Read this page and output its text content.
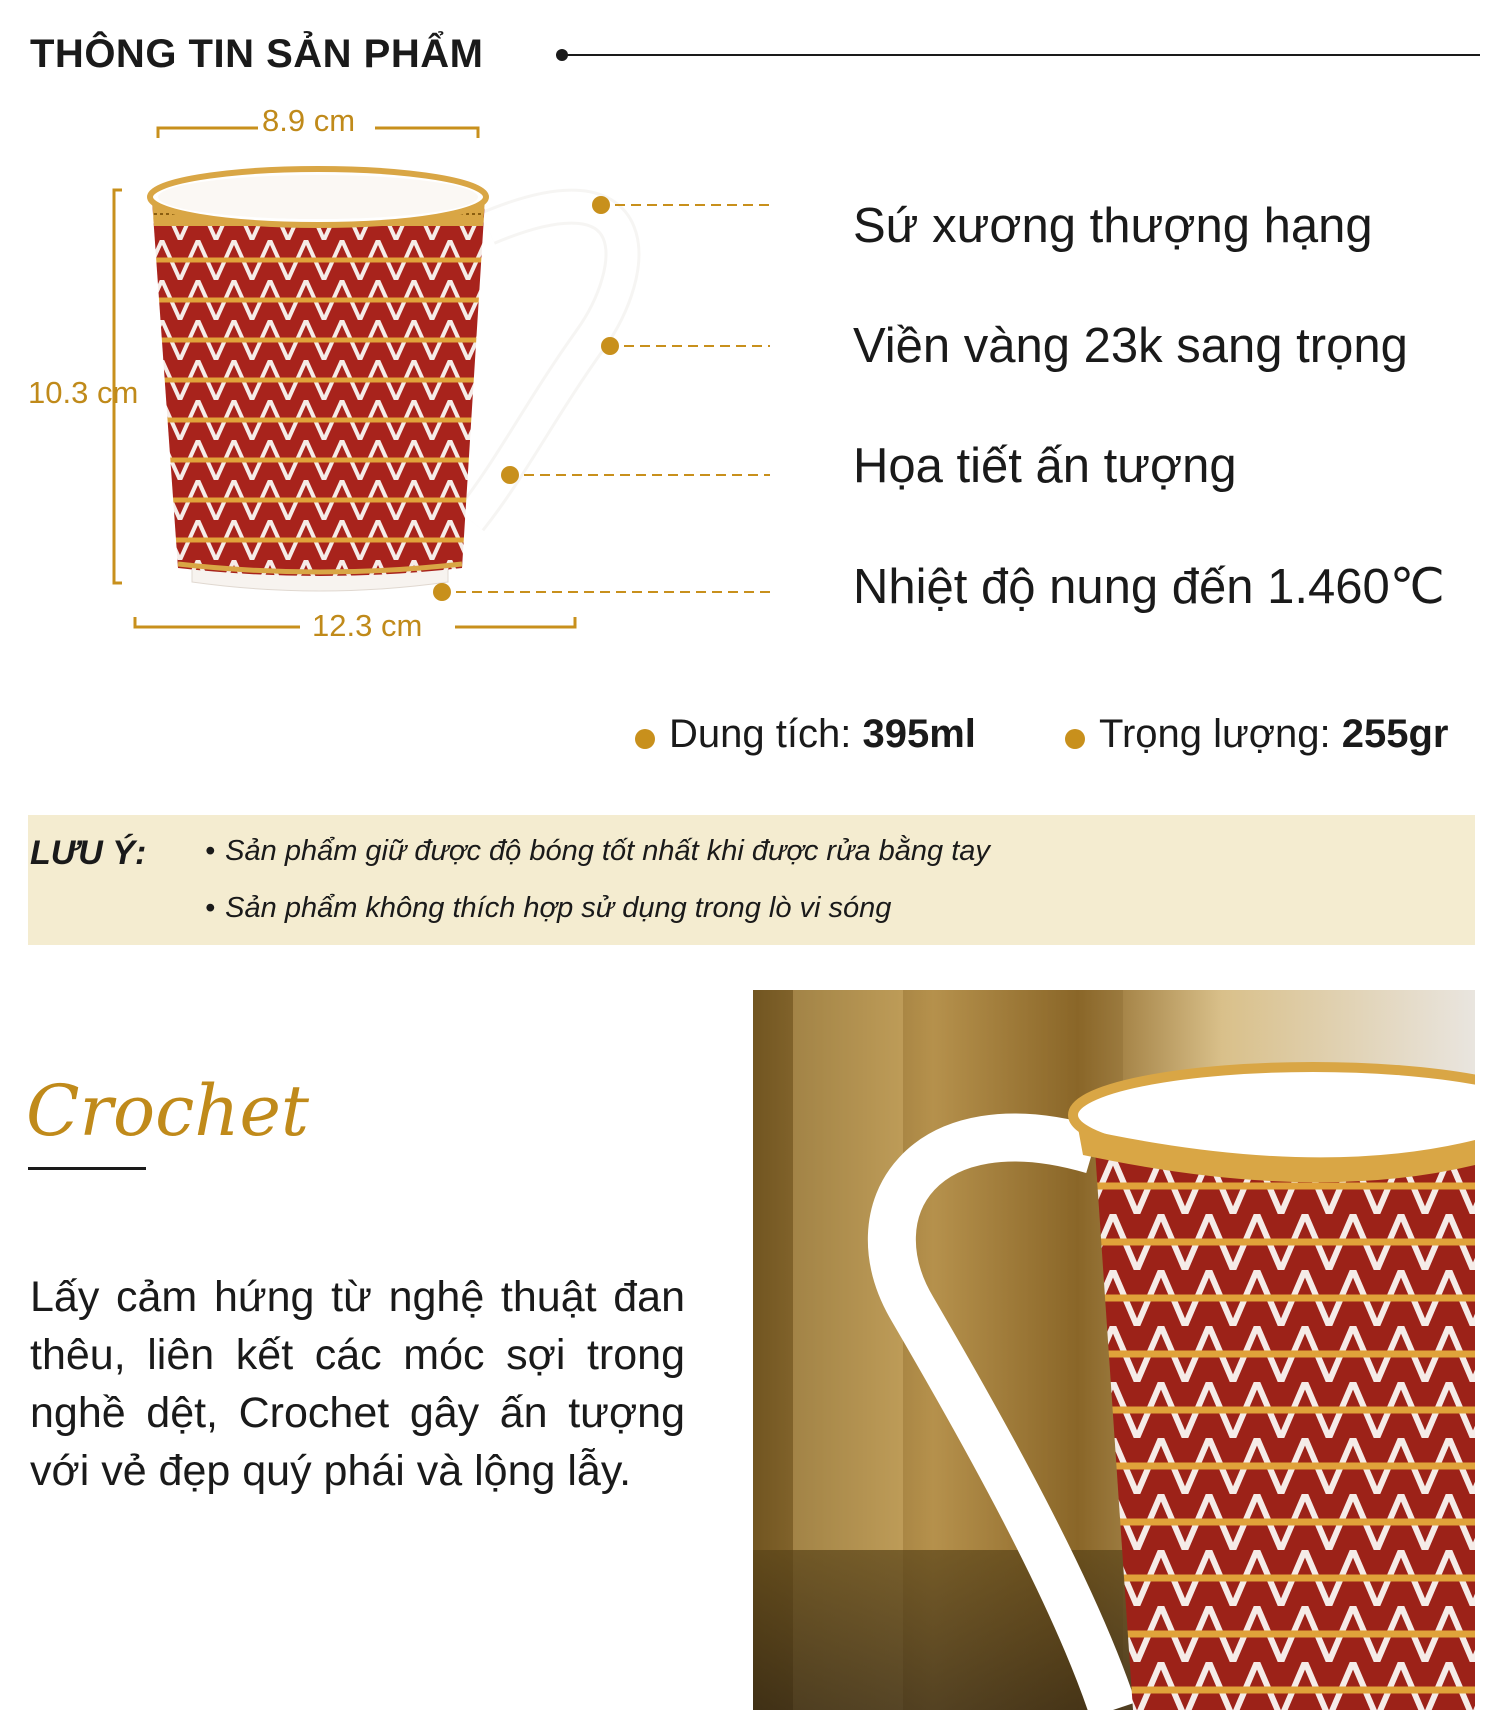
THÔNG TIN SẢN PHẨM
8.9 cm
10.3 cm
12.3 cm
Sứ xương thượng hạng
Viền vàng 23k sang trọng
Họa tiết ấn tượng
Nhiệt độ nung đến 1.460℃
Dung tích: 395ml	Trọng lượng: 255gr
LƯU Ý:
•	Sản phẩm giữ được độ bóng tốt nhất khi được rửa bằng tay
• Sản phẩm không thích hợp sử dụng trong lò vi sóng
Crochet
Lấy cảm hứng từ nghệ thuật đan thêu, liên kết các móc sợi trong nghề dệt, Crochet gây ấn tượng với vẻ đẹp quý phái và lộng lẫy.
